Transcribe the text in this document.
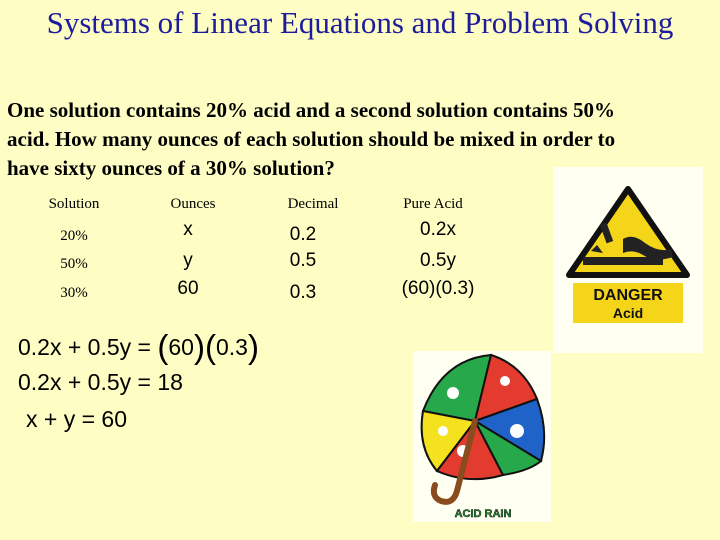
Systems of Linear Equations and Problem Solving
One solution contains 20% acid and a second solution contains 50%
acid. How many ounces of each solution should be mixed in order to
have sixty ounces of a 30% solution?
Solution	Ounces	Decimal	Pure Acid
20%	x	0.2	0.2x
50%	y	0.5	0.5y
30%	60	0.3	(60)(0.3)
0.2x + 0.5y = (60)(0.3)
0.2x + 0.5y = 18
x + y = 60
DANGER
Acid
ACID RAIN
